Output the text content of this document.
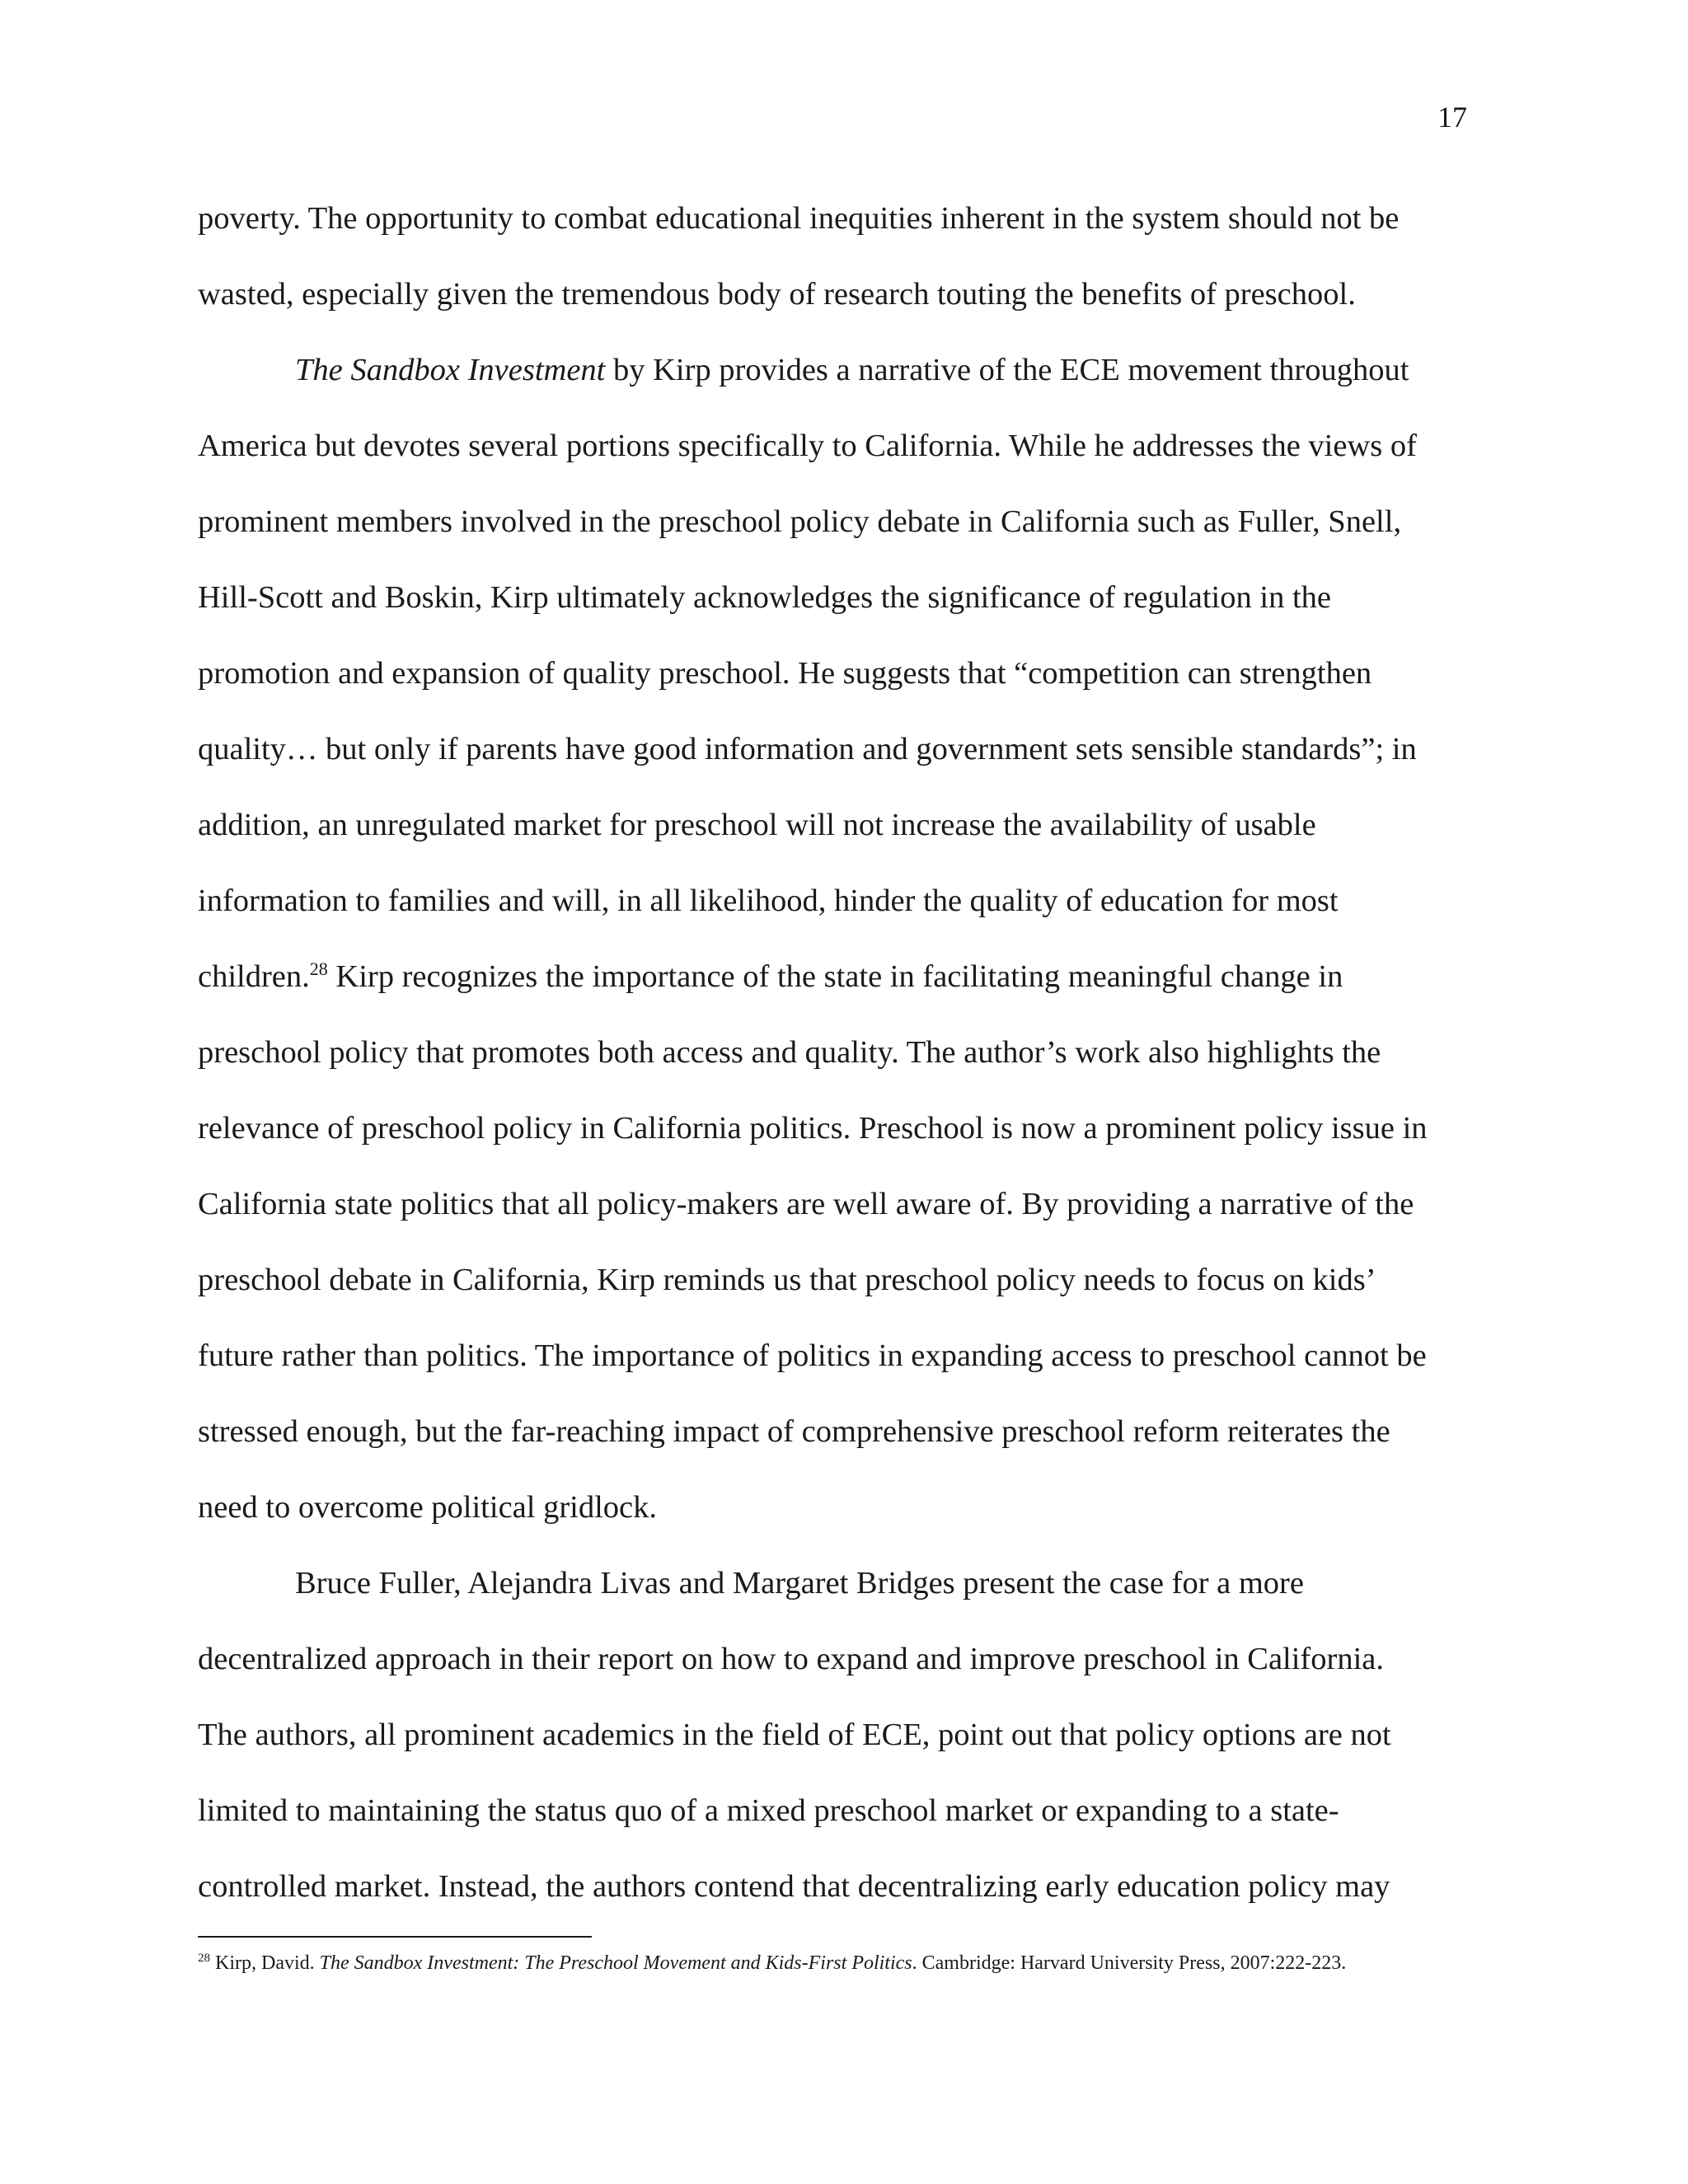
17
poverty. The opportunity to combat educational inequities inherent in the system should not be
wasted, especially given the tremendous body of research touting the benefits of preschool.
The Sandbox Investment by Kirp provides a narrative of the ECE movement throughout
America but devotes several portions specifically to California. While he addresses the views of
prominent members involved in the preschool policy debate in California such as Fuller, Snell,
Hill-Scott and Boskin, Kirp ultimately acknowledges the significance of regulation in the
promotion and expansion of quality preschool. He suggests that “competition can strengthen
quality… but only if parents have good information and government sets sensible standards”; in
addition, an unregulated market for preschool will not increase the availability of usable
information to families and will, in all likelihood, hinder the quality of education for most
children.$^{28}$ Kirp recognizes the importance of the state in facilitating meaningful change in
preschool policy that promotes both access and quality. The author’s work also highlights the
relevance of preschool policy in California politics. Preschool is now a prominent policy issue in
California state politics that all policy-makers are well aware of. By providing a narrative of the
preschool debate in California, Kirp reminds us that preschool policy needs to focus on kids’
future rather than politics. The importance of politics in expanding access to preschool cannot be
stressed enough, but the far-reaching impact of comprehensive preschool reform reiterates the
need to overcome political gridlock.
Bruce Fuller, Alejandra Livas and Margaret Bridges present the case for a more
decentralized approach in their report on how to expand and improve preschool in California.
The authors, all prominent academics in the field of ECE, point out that policy options are not
limited to maintaining the status quo of a mixed preschool market or expanding to a state-
controlled market. Instead, the authors contend that decentralizing early education policy may
$^{28}$ Kirp, David. The Sandbox Investment: The Preschool Movement and Kids-First Politics. Cambridge: Harvard University Press, 2007:222-223.
